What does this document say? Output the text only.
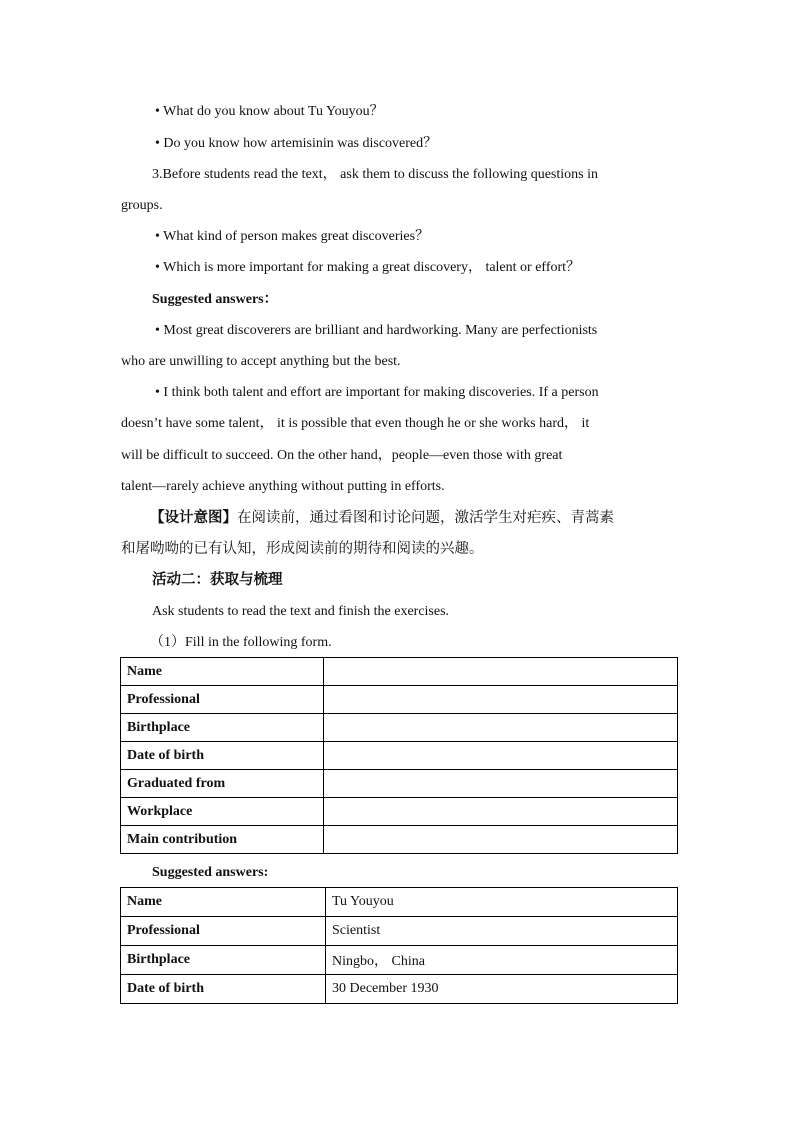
• What do you know about Tu Youyou？
• Do you know how artemisinin was discovered？
3.Before students read the text， ask them to discuss the following questions in
groups.
• What kind of person makes great discoveries？
• Which is more important for making a great discovery， talent or effort？
Suggested answers：
• Most great discoverers are brilliant and hardworking. Many are perfectionists
who are unwilling to accept anything but the best.
• I think both talent and effort are important for making discoveries. If a person
doesn’t have some talent， it is possible that even though he or she works hard， it
will be difficult to succeed. On the other hand，people—even those with great
talent—rarely achieve anything without putting in efforts.
【设计意图】在阅读前，通过看图和讨论问题，激活学生对疟疾、青蒿素
和屠呦呦的已有认知，形成阅读前的期待和阅读的兴趣。
活动二：获取与梳理
Ask students to read the text and finish the exercises.
（1）Fill in the following form.
Name	
Professional	
Birthplace	
Date of birth	
Graduated from	
Workplace	
Main contribution	
Suggested answers:
Name	Tu Youyou
Professional	Scientist
Birthplace	Ningbo， China
Date of birth	30 December 1930
